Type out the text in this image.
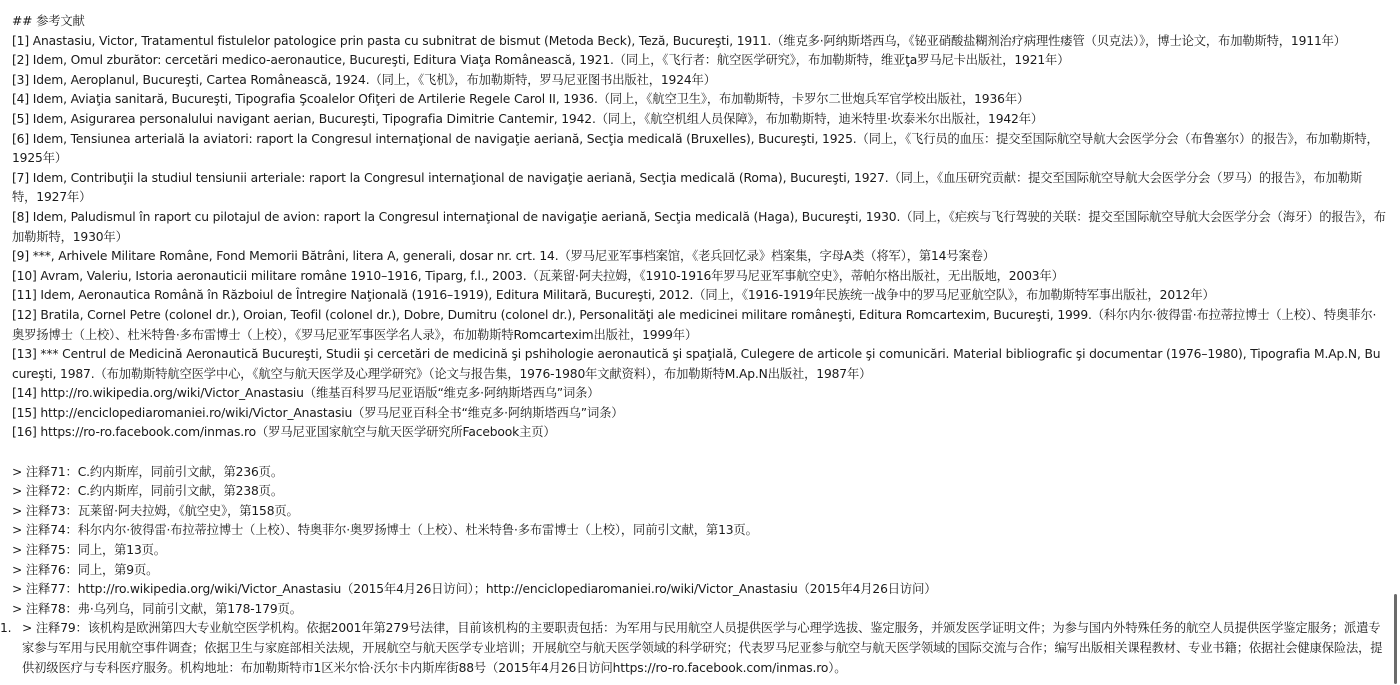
## 参考文献
[1] Anastasiu, Victor, Tratamentul fistulelor patologice prin pasta cu subnitrat de bismut (Metoda Beck), Teză, Bucureşti, 1911.（维克多·阿纳斯塔西乌，《铋亚硝酸盐糊剂治疗病理性瘘管（贝克法）》，博士论文，布加勒斯特，1911年）
[2] Idem, Omul zburător: cercetări medico-aeronautice, Bucureşti, Editura Viaţa Românească, 1921.（同上，《飞行者：航空医学研究》，布加勒斯特，维亚ţa罗马尼卡出版社，1921年）
[3] Idem, Aeroplanul, Bucureşti, Cartea Românească, 1924.（同上，《飞机》，布加勒斯特，罗马尼亚图书出版社，1924年）
[4] Idem, Aviaţia sanitară, Bucureşti, Tipografia Şcoalelor Ofiţeri de Artilerie Regele Carol II, 1936.（同上，《航空卫生》，布加勒斯特，卡罗尔二世炮兵军官学校出版社，1936年）
[5] Idem, Asigurarea personalului navigant aerian, Bucureşti, Tipografia Dimitrie Cantemir, 1942.（同上，《航空机组人员保障》，布加勒斯特，迪米特里·坎泰米尔出版社，1942年）
[6] Idem, Tensiunea arterială la aviatori: raport la Congresul internaţional de navigaţie aeriană, Secţia medicală (Bruxelles), Bucureşti, 1925.（同上，《飞行员的血压：提交至国际航空导航大会医学分会（布鲁塞尔）的报告》，布加勒斯特，1925年）
[7] Idem, Contribuţii la studiul tensiunii arteriale: raport la Congresul internaţional de navigaţie aeriană, Secţia medicală (Roma), Bucureşti, 1927.（同上，《血压研究贡献：提交至国际航空导航大会医学分会（罗马）的报告》，布加勒斯特，1927年）
[8] Idem, Paludismul în raport cu pilotajul de avion: raport la Congresul internaţional de navigaţie aeriană, Secţia medicală (Haga), Bucureşti, 1930.（同上，《疟疾与飞行驾驶的关联：提交至国际航空导航大会医学分会（海牙）的报告》，布加勒斯特，1930年）
[9] ***, Arhivele Militare Române, Fond Memorii Bătrâni, litera A, generali, dosar nr. crt. 14.（罗马尼亚军事档案馆，《老兵回忆录》档案集，字母A类（将军），第14号案卷）
[10] Avram, Valeriu, Istoria aeronauticii militare române 1910–1916, Tiparg, f.l., 2003.（瓦莱留·阿夫拉姆，《1910-1916年罗马尼亚军事航空史》，蒂帕尔格出版社，无出版地，2003年）
[11] Idem, Aeronautica Română în Războiul de Întregire Naţională (1916–1919), Editura Militară, Bucureşti, 2012.（同上，《1916-1919年民族统一战争中的罗马尼亚航空队》，布加勒斯特军事出版社，2012年）
[12] Bratila, Cornel Petre (colonel dr.), Oroian, Teofil (colonel dr.), Dobre, Dumitru (colonel dr.), Personalităţi ale medicinei militare româneşti, Editura Romcartexim, Bucureşti, 1999.（科尔内尔·彼得雷·布拉蒂拉博士（上校）、特奥菲尔·奥罗扬博士（上校）、杜米特鲁·多布雷博士（上校），《罗马尼亚军事医学名人录》，布加勒斯特Romcartexim出版社，1999年）
[13] *** Centrul de Medicină Aeronautică Bucureşti, Studii şi cercetări de medicină şi pshihologie aeronautică şi spaţială, Culegere de articole şi comunicări. Material bibliografic şi documentar (1976–1980), Tipografia M.Ap.N, Bucureşti, 1987.（布加勒斯特航空医学中心，《航空与航天医学及心理学研究》（论文与报告集，1976-1980年文献资料），布加勒斯特M.Ap.N出版社，1987年）
[14] http://ro.wikipedia.org/wiki/Victor_Anastasiu（维基百科罗马尼亚语版“维克多·阿纳斯塔西乌”词条）
[15] http://enciclopediaromaniei.ro/wiki/Victor_Anastasiu（罗马尼亚百科全书“维克多·阿纳斯塔西乌”词条）
[16] https://ro-ro.facebook.com/inmas.ro（罗马尼亚国家航空与航天医学研究所Facebook主页）
> 注释71：C.约内斯库，同前引文献，第236页。
> 注释72：C.约内斯库，同前引文献，第238页。
> 注释73：瓦莱留·阿夫拉姆，《航空史》，第158页。
> 注释74：科尔内尔·彼得雷·布拉蒂拉博士（上校）、特奥菲尔·奥罗扬博士（上校）、杜米特鲁·多布雷博士（上校），同前引文献，第13页。
> 注释75：同上，第13页。
> 注释76：同上，第9页。
> 注释77：http://ro.wikipedia.org/wiki/Victor_Anastasiu（2015年4月26日访问）；http://enciclopediaromaniei.ro/wiki/Victor_Anastasiu（2015年4月26日访问）
> 注释78：弗·乌列乌，同前引文献，第178-179页。
1. > 注释79：该机构是欧洲第四大专业航空医学机构。依据2001年第279号法律，目前该机构的主要职责包括：为军用与民用航空人员提供医学与心理学选拔、鉴定服务，并颁发医学证明文件；为参与国内外特殊任务的航空人员提供医学鉴定服务；派遣专家参与军用与民用航空事件调查；依据卫生与家庭部相关法规，开展航空与航天医学专业培训；开展航空与航天医学领域的科学研究；代表罗马尼亚参与航空与航天医学领域的国际交流与合作；编写出版相关课程教材、专业书籍；依据社会健康保险法，提供初级医疗与专科医疗服务。机构地址：布加勒斯特市1区米尔恰·沃尔卡内斯库街88号（2015年4月26日访问https://ro-ro.facebook.com/inmas.ro）。
